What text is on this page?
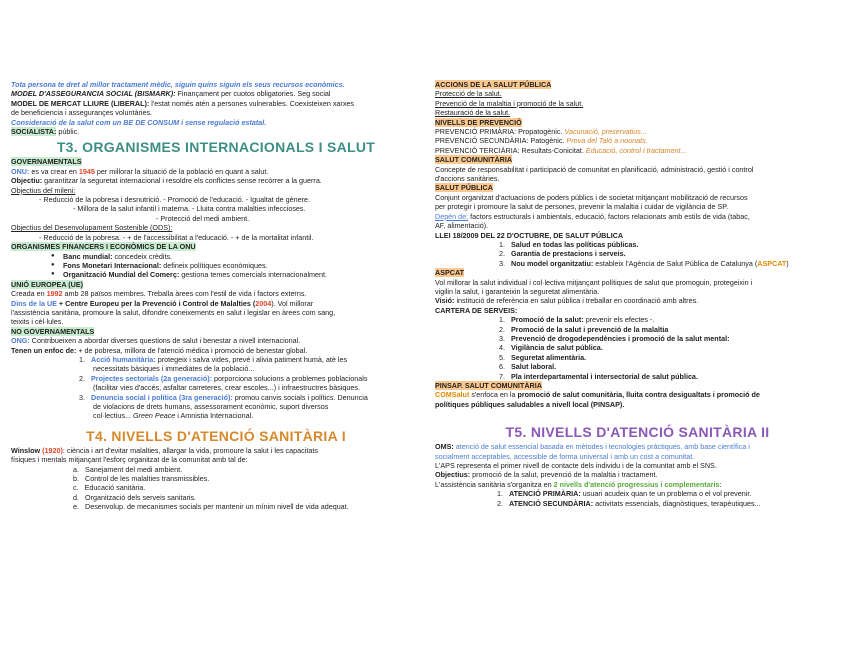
Tota persona te dret al millor tractament mèdic, siguin quins siguin els seus recursos econòmics.

MODEL D'ASSEGURANCIA SOCIAL (BISMARK): Finançament per cuotos obligatories. Seg social

MODEL DE MERCAT LLIURE (LIBERAL): l'estat només atén a persones vulnerables. Coexisteixen xarxes

de beneficiencia i assegurançes voluntàries.

Consideració de la salut com un BE DE CONSUM i sense regulació estatal.

SOCIALISTA: públic.

T3. ORGANISMES INTERNACIONALS I SALUT

GOVERNAMENTALS

ONU: es va crear en 1945 per millorar la situació de la població en quant a salut.

Objectiu: garantitzar la seguretat internacional i resoldre els conflictes sense recórrer a la guerra.

Objectius del mileni:

- Reducció de la pobresa i desnutrició. - Promoció de l'educació. - Igualtat de gènere.

- Millora de la salut infantil i materna. - Lluita contra malalties infeccioses.

- Protecció del medi ambient.

Objectius del Desenvolupament Sostenible (ODS):

- Reducció de la pobresa. - + de l'accessibilitat a l'educació. - + de la mortalitat infantil.

ORGANISMES FINANCERS I ECONÒMICS DE LA ONU

● Banc mundial: concedeix crèdits.

● Fons Monetari Internacional: defineix polítiques econòmiques.

● Organització Mundial del Comerç: gestiona temes comercials internacionalment.

UNIÓ EUROPEA (UE)

Creada en 1992 amb 28 països membres. Treballa àrees com l'estil de vida i factors externs.

Dins de la UE + Centre Europeu per la Prevenció i Control de Malalties (2004). Vol millorar

l'assistència sanitària, promoure la salut, difondre coneixements en salut i legislar en àrees com sang,

teixits i cèl·lules.

NO GOVERNAMENTALS

ONG: Contribueixen a abordar diverses questions de salut i benestar a nivell internacional.

Tenen un enfoc de: + de pobresa, millora de l'atenció mèdica i promoció de benestar global.

1. Acció humanitària: protegeix i salva vides, prevé i alivia patiment humà, atè les

necessitats bàsiques i immediates de la població...

2. Projectes sectorials (2a generació): porporciona solucions a problemes poblacionals

(facilitar vies d'accés, asfaltar carreteres, crear escoles...) i infraestructres bàsiques.

3. Denuncia social i política (3ra generació): promou canvis socials i polítics. Denuncia

de violacions de drets humans, assessorament econòmic, suport diversos

col·lectius... Green Peace i Amnistia Internacional.

T4. NIVELLS D'ATENCIÓ SANITÀRIA I

Winslow (1920): ciència i art d'evitar malalties, allargar la vida, promoure la salut i les capacitats

físiques i mentals mitjançant l'esforç organitzat de la comunitat amb tal de:

a. Sanejament del medi ambient.

b. Control de les malalties transmissibles.

c. Educació sanitària.

d. Organització dels serveis sanitaris.

e. Desenvolup. de mecanismes socials per mantenir un mínim nivell de vida adequat.

ACCIONS DE LA SALUT PÚBLICA

Protecció de la salut.

Prevenció de la malaltia i promoció de la salut.

Restauració de la salut.

NIVELLS DE PREVENCIÓ

PREVENCIÓ PRIMÀRIA: Propatogènic. Vacunació, preservatius...

PREVENCIÓ SECUNDÀRIA: Patogènic. Prova del Taló a nounats.

PREVENCIÓ TERCIÀRIA: Resultats-Conicitat. Educació, control i tractament...

SALUT COMUNITÀRIA

Concepte de responsabilitat i participació de comunitat en planificació, administració, gestió i control

d'accions sanitàries.

SALUT PÚBLICA

Conjunt organitzat d'actuacions de poders públics i de societat mitjançant mobilització de recursos

per protegir i promoure la salut de persones, prevenir la malaltia i cuidar de vigilància de SP.

Depèn de: factors estructurals i ambientals, educació, factors relacionats amb estils de vida (tabac,

AF, alimentació).

LLEI 18/2009 DEL 22 D'OCTUBRE, DE SALUT PÚBLICA

1. Salud en todas las políticas públicas.

2. Garantia de prestacions i serveis.

3. Nou model organitzatiu: estableix l'Agència de Salut Pública de Catalunya (ASPCAT)

ASPCAT

Vol millorar la salut individual i col·lectiva mitjançant polítiques de salut que promoguin, protegeixin i

vigilin la salut, i garanteixin la seguretat alimentària.

Visió: institució de referència en salut pública i treballar en coordinació amb altres.

CARTERA DE SERVEIS:

1. Promoció de la salut: prevenir els efectes -.

2. Promoció de la salut i prevenció de la malaltia

3. Prevenció de drogodependències i promoció de la salut mental:

4. Vigilància de salut pública.

5. Seguretat alimentària.

6. Salut laboral.

7. Pla interdepartamental i intersectorial de salut pública.

PINSAP. SALUT COMUNITÀRIA

COMSalut s'enfoca en la promoció de salut comunitària, lluita contra desigualtats i promoció de

polítiques públiques saludables a nivell local (PINSAP).

T5. NIVELLS D'ATENCIÓ SANITÀRIA II

OMS: atenció de salut essencial basada en mètodes i tecnologies pràctiques, amb base científica i

socialment acceptables, accessible de forma universal i amb un cost a comunitat.

L'APS representa el primer nivell de contacte dels individu i de la comunitat amb el SNS.

Objectius: promoció de la salut, prevenció de la malaltia i tractament.

L'assistència sanitària s'organitza en 2 nivells d'atenció progressius i complementaris:

1. ATENCIÓ PRIMÀRIA: usuari acudeix quan te un problema o el vol prevenir.

2. ATENCIÓ SECUNDÀRIA: activitats essencials, diagnòstiques, terapèutiques...
